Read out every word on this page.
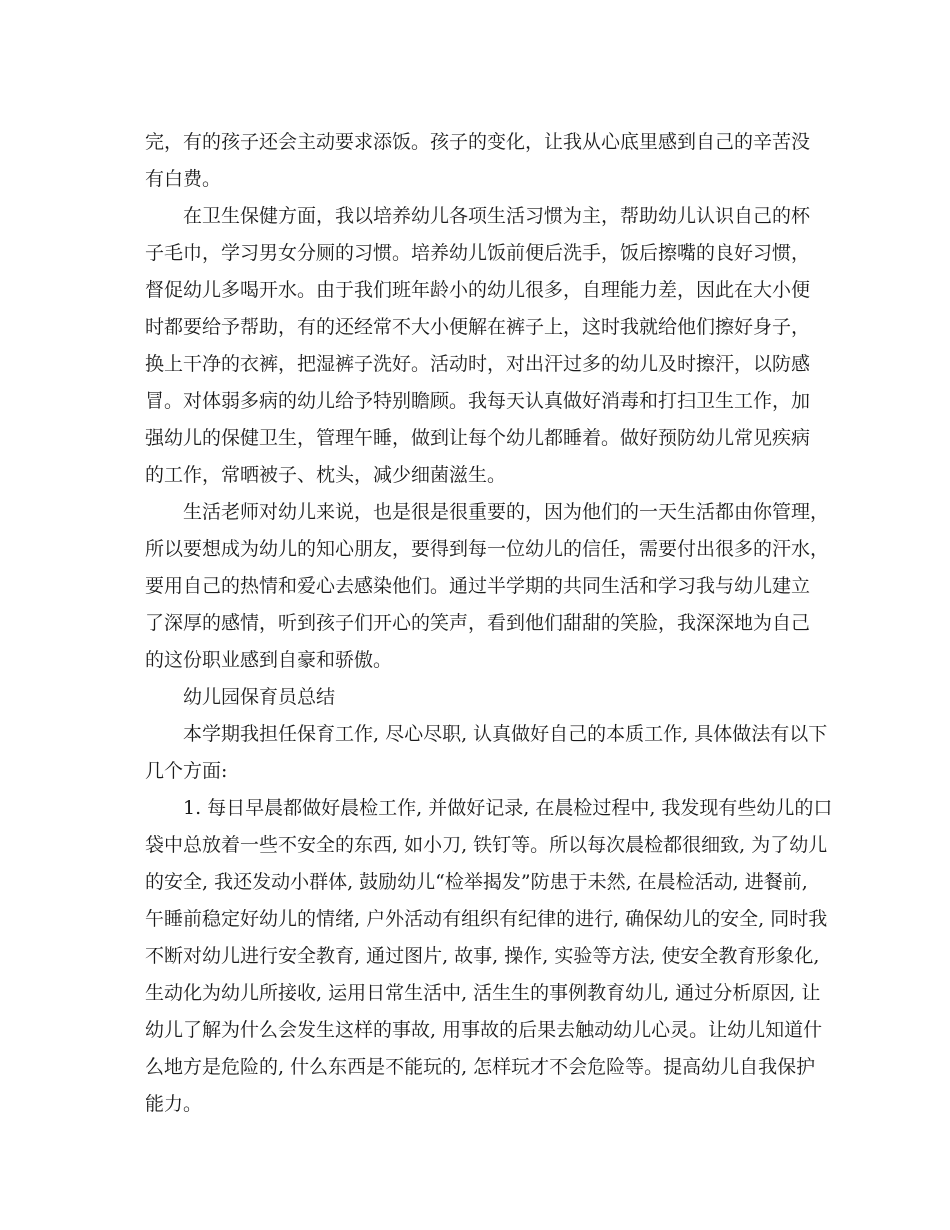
完，有的孩子还会主动要求添饭。孩子的变化，让我从心底里感到自己的辛苦没
有白费。
在卫生保健方面，我以培养幼儿各项生活习惯为主，帮助幼儿认识自己的杯
子毛巾，学习男女分厕的习惯。培养幼儿饭前便后洗手，饭后擦嘴的良好习惯，
督促幼儿多喝开水。由于我们班年龄小的幼儿很多，自理能力差，因此在大小便
时都要给予帮助，有的还经常不大小便解在裤子上，这时我就给他们擦好身子，
换上干净的衣裤，把湿裤子洗好。活动时，对出汗过多的幼儿及时擦汗，以防感
冒。对体弱多病的幼儿给予特别瞻顾。我每天认真做好消毒和打扫卫生工作，加
强幼儿的保健卫生，管理午睡，做到让每个幼儿都睡着。做好预防幼儿常见疾病
的工作，常晒被子、枕头，减少细菌滋生。
生活老师对幼儿来说，也是很是很重要的，因为他们的一天生活都由你管理，
所以要想成为幼儿的知心朋友，要得到每一位幼儿的信任，需要付出很多的汗水，
要用自己的热情和爱心去感染他们。通过半学期的共同生活和学习我与幼儿建立
了深厚的感情，听到孩子们开心的笑声，看到他们甜甜的笑脸，我深深地为自己
的这份职业感到自豪和骄傲。
幼儿园保育员总结
本学期我担任保育工作, 尽心尽职, 认真做好自己的本质工作, 具体做法有以下
几个方面:
1. 每日早晨都做好晨检工作, 并做好记录, 在晨检过程中, 我发现有些幼儿的口
袋中总放着一些不安全的东西, 如小刀, 铁钉等。所以每次晨检都很细致, 为了幼儿
的安全, 我还发动小群体, 鼓励幼儿“检举揭发”防患于未然, 在晨检活动, 进餐前,
午睡前稳定好幼儿的情绪, 户外活动有组织有纪律的进行, 确保幼儿的安全, 同时我
不断对幼儿进行安全教育, 通过图片, 故事, 操作, 实验等方法, 使安全教育形象化,
生动化为幼儿所接收, 运用日常生活中, 活生生的事例教育幼儿, 通过分析原因, 让
幼儿了解为什么会发生这样的事故, 用事故的后果去触动幼儿心灵。让幼儿知道什
么地方是危险的, 什么东西是不能玩的, 怎样玩才不会危险等。提高幼儿自我保护
能力。
